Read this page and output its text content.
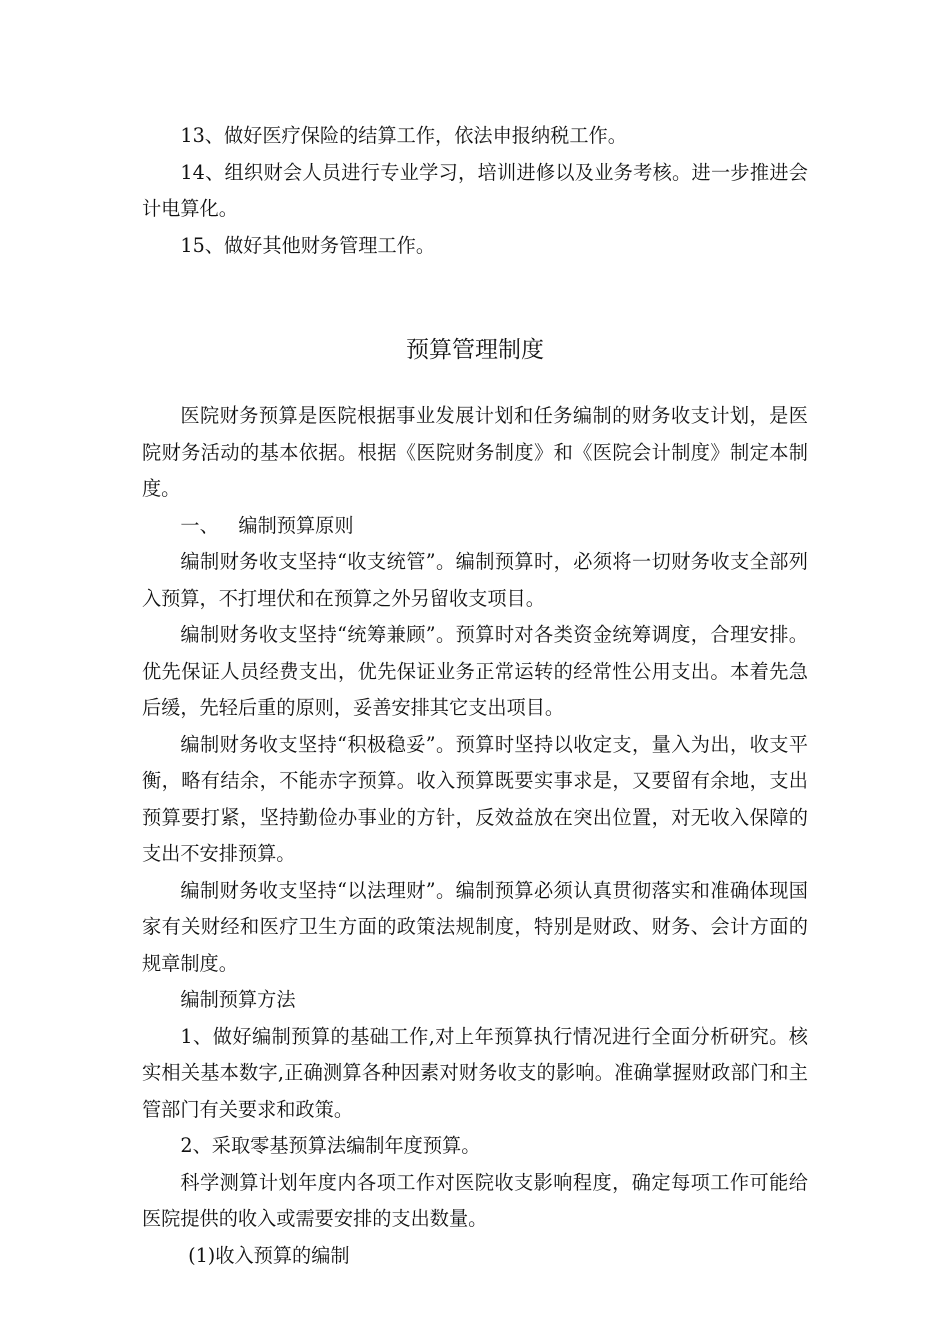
13、做好医疗保险的结算工作，依法申报纳税工作。

14、组织财会人员进行专业学习，培训进修以及业务考核。进一步推进会计电算化。

15、做好其他财务管理工作。

预算管理制度

医院财务预算是医院根据事业发展计划和任务编制的财务收支计划，是医院财务活动的基本依据。根据《医院财务制度》和《医院会计制度》制定本制度。

一、	编制预算原则

编制财务收支坚持“收支统管”。编制预算时，必须将一切财务收支全部列入预算，不打埋伏和在预算之外另留收支项目。

编制财务收支坚持“统筹兼顾”。预算时对各类资金统筹调度，合理安排。优先保证人员经费支出，优先保证业务正常运转的经常性公用支出。本着先急后缓，先轻后重的原则，妥善安排其它支出项目。

编制财务收支坚持“积极稳妥”。预算时坚持以收定支，量入为出，收支平衡，略有结余，不能赤字预算。收入预算既要实事求是，又要留有余地，支出预算要打紧，坚持勤俭办事业的方针，反效益放在突出位置，对无收入保障的支出不安排预算。

编制财务收支坚持“以法理财”。编制预算必须认真贯彻落实和准确体现国家有关财经和医疗卫生方面的政策法规制度，特别是财政、财务、会计方面的规章制度。

编制预算方法

1、做好编制预算的基础工作,对上年预算执行情况进行全面分析研究。核实相关基本数字,正确测算各种因素对财务收支的影响。准确掌握财政部门和主管部门有关要求和政策。

2、采取零基预算法编制年度预算。

科学测算计划年度内各项工作对医院收支影响程度，确定每项工作可能给医院提供的收入或需要安排的支出数量。

(1)收入预算的编制
